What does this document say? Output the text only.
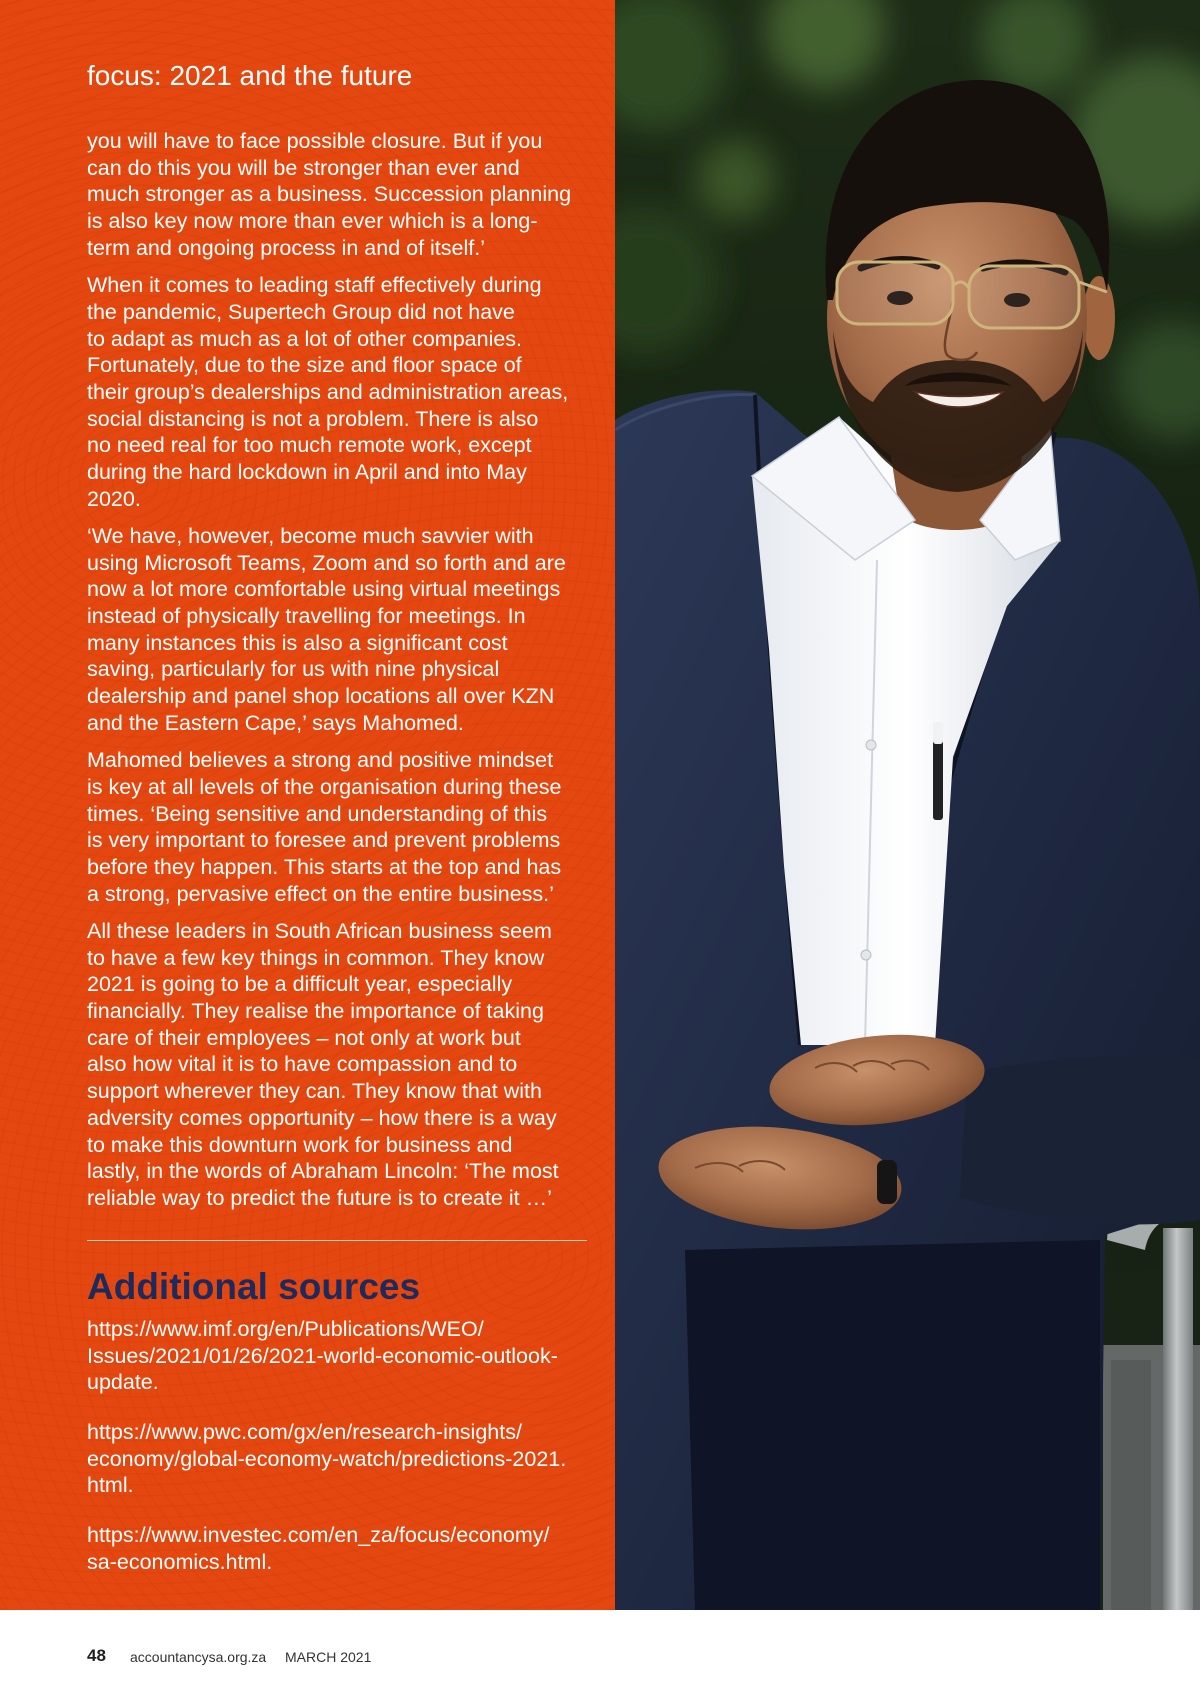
focus: 2021 and the future
you will have to face possible closure. But if you
can do this you will be stronger than ever and
much stronger as a business. Succession planning
is also key now more than ever which is a long-
term and ongoing process in and of itself.’
When it comes to leading staff effectively during
the pandemic, Supertech Group did not have
to adapt as much as a lot of other companies.
Fortunately, due to the size and floor space of
their group’s dealerships and administration areas,
social distancing is not a problem. There is also
no need real for too much remote work, except
during the hard lockdown in April and into May
2020.
‘We have, however, become much savvier with
using Microsoft Teams, Zoom and so forth and are
now a lot more comfortable using virtual meetings
instead of physically travelling for meetings. In
many instances this is also a significant cost
saving, particularly for us with nine physical
dealership and panel shop locations all over KZN
and the Eastern Cape,’ says Mahomed.
Mahomed believes a strong and positive mindset
is key at all levels of the organisation during these
times. ‘Being sensitive and understanding of this
is very important to foresee and prevent problems
before they happen. This starts at the top and has
a strong, pervasive effect on the entire business.’
All these leaders in South African business seem
to have a few key things in common. They know
2021 is going to be a difficult year, especially
financially. They realise the importance of taking
care of their employees – not only at work but
also how vital it is to have compassion and to
support wherever they can. They know that with
adversity comes opportunity – how there is a way
to make this downturn work for business and
lastly, in the words of Abraham Lincoln: ‘The most
reliable way to predict the future is to create it …’
Additional sources
https://www.imf.org/en/Publications/WEO/
Issues/2021/01/26/2021-world-economic-outlook-
update.
https://www.pwc.com/gx/en/research-insights/
economy/global-economy-watch/predictions-2021.
html.
https://www.investec.com/en_za/focus/economy/
sa-economics.html.
48 accountancysa.org.za MARCH 2021
